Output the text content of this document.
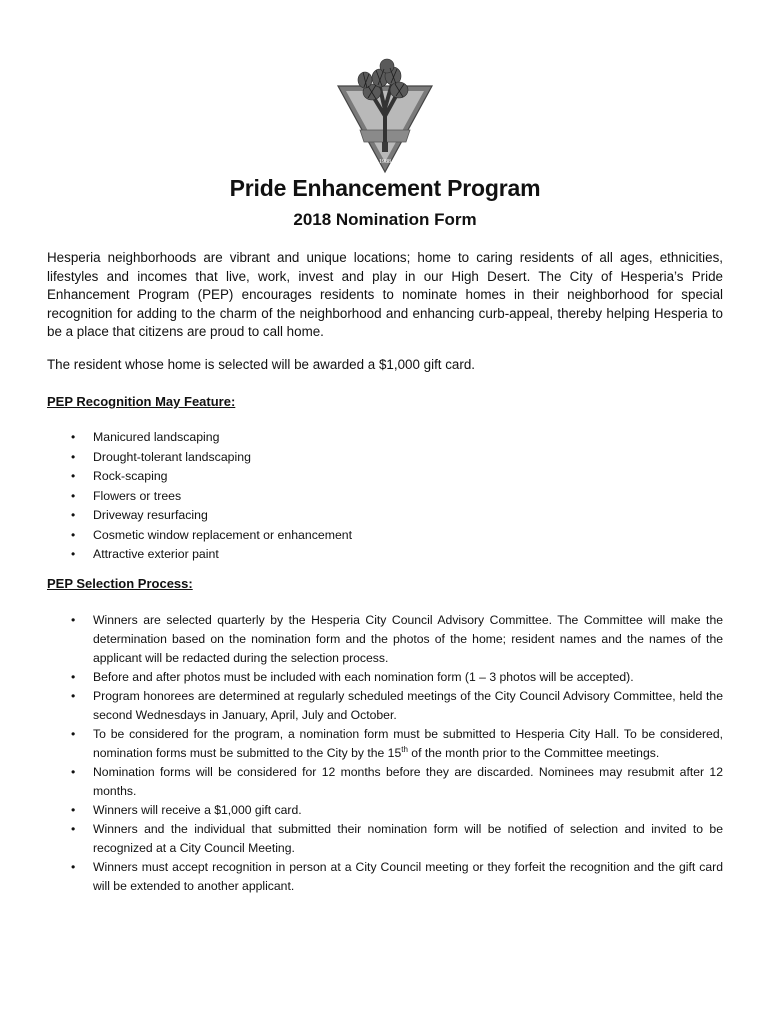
1988
Pride Enhancement Program
2018 Nomination Form

Hesperia neighborhoods are vibrant and unique locations; home to caring residents of all ages, ethnicities, lifestyles and incomes that live, work, invest and play in our High Desert. The City of Hesperia’s Pride Enhancement Program (PEP) encourages residents to nominate homes in their neighborhood for special recognition for adding to the charm of the neighborhood and enhancing curb-appeal, thereby helping Hesperia to be a place that citizens are proud to call home.

The resident whose home is selected will be awarded a $1,000 gift card.

PEP Recognition May Feature:

• Manicured landscaping
• Drought-tolerant landscaping
• Rock-scaping
• Flowers or trees
• Driveway resurfacing
• Cosmetic window replacement or enhancement
• Attractive exterior paint

PEP Selection Process:

• Winners are selected quarterly by the Hesperia City Council Advisory Committee. The Committee will make the determination based on the nomination form and the photos of the home; resident names and the names of the applicant will be redacted during the selection process.
• Before and after photos must be included with each nomination form (1 – 3 photos will be accepted).
• Program honorees are determined at regularly scheduled meetings of the City Council Advisory Committee, held the second Wednesdays in January, April, July and October.
• To be considered for the program, a nomination form must be submitted to Hesperia City Hall. To be considered, nomination forms must be submitted to the City by the 15th of the month prior to the Committee meetings.
• Nomination forms will be considered for 12 months before they are discarded. Nominees may resubmit after 12 months.
• Winners will receive a $1,000 gift card.
• Winners and the individual that submitted their nomination form will be notified of selection and invited to be recognized at a City Council Meeting.
• Winners must accept recognition in person at a City Council meeting or they forfeit the recognition and the gift card will be extended to another applicant.
